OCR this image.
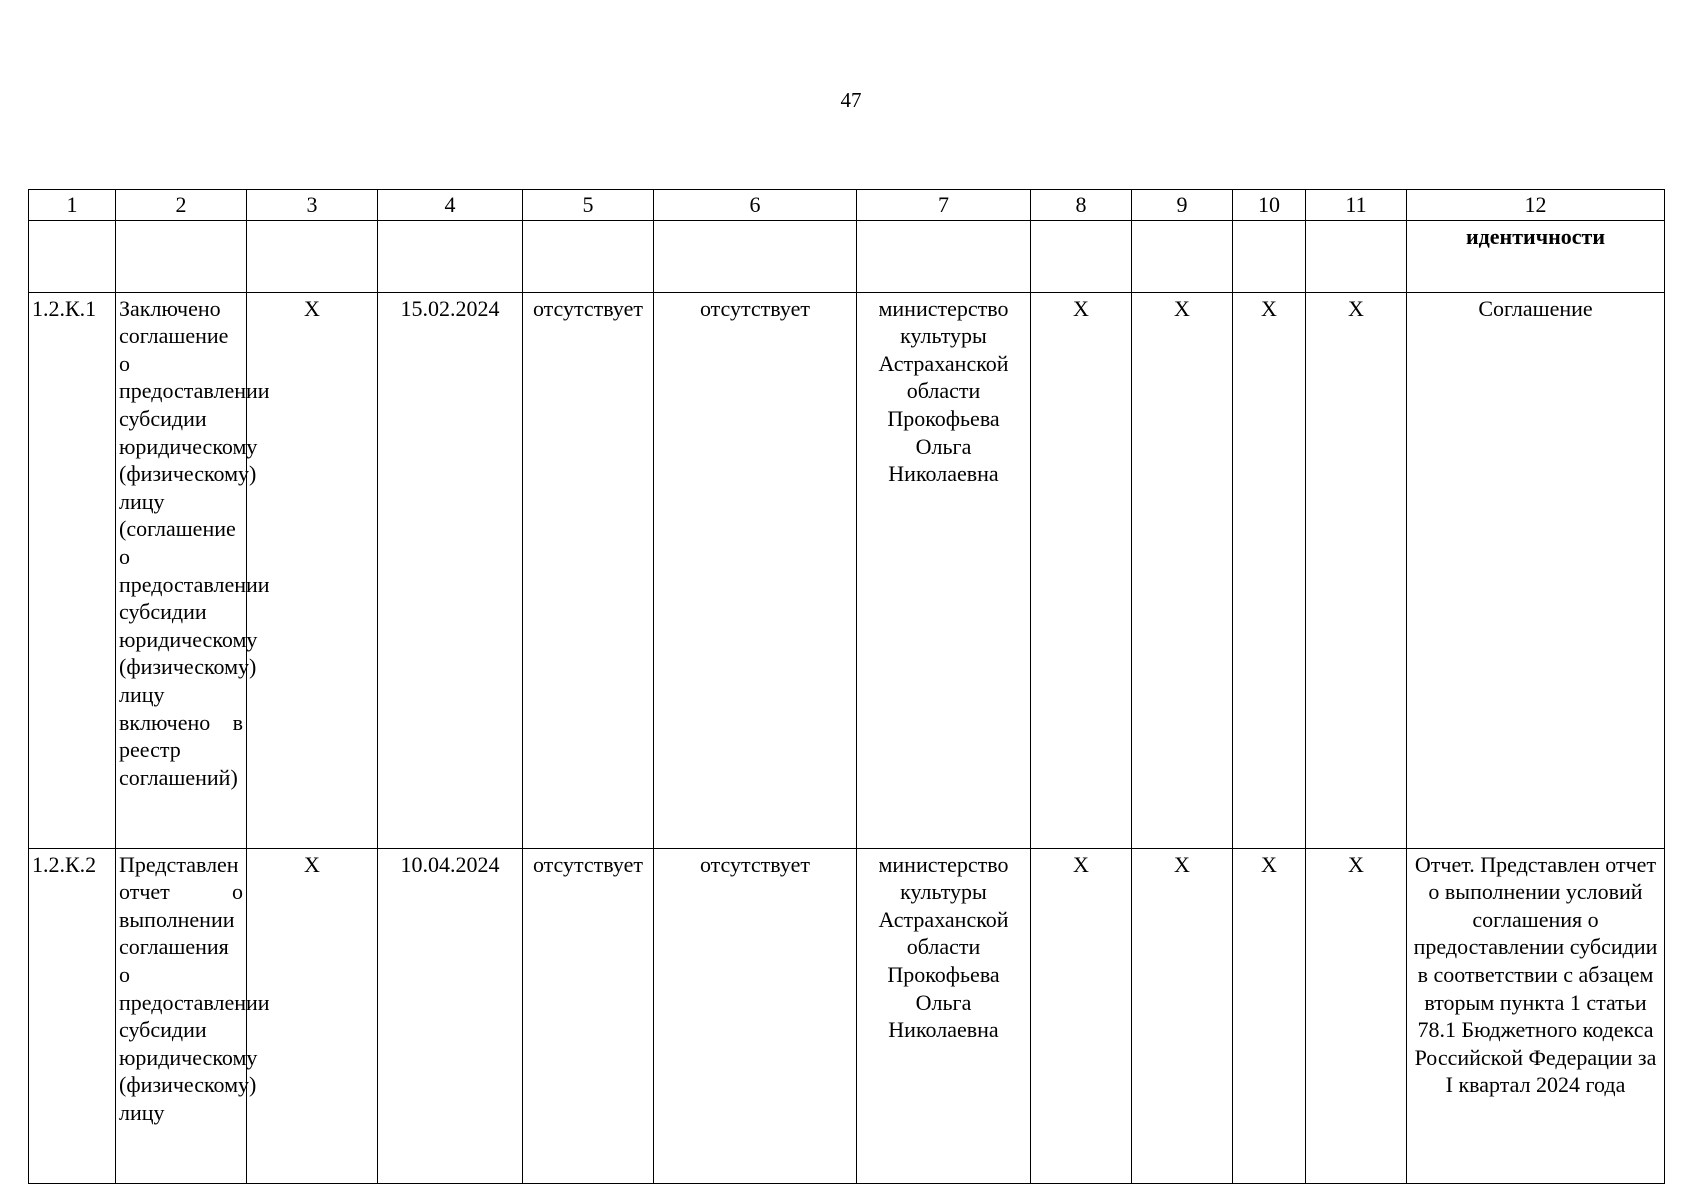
47
1	2	3	4	5	6	7	8	9	10	11	12
											идентичности
1.2.К.1	Заключено соглашение о предоставлении субсидии юридическому (физическому) лицу (соглашение о предоставлении субсидии юридическому (физическому) лицу включено в реестр соглашений)	X	15.02.2024	отсутствует	отсутствует	министерство культуры Астраханской области Прокофьева Ольга Николаевна	X	X	X	X	Соглашение
1.2.К.2	Представлен отчет о выполнении соглашения о предоставлении субсидии юридическому (физическому) лицу	X	10.04.2024	отсутствует	отсутствует	министерство культуры Астраханской области Прокофьева Ольга Николаевна	X	X	X	X	Отчет. Представлен отчет о выполнении условий соглашения о предоставлении субсидии в соответствии с абзацем вторым пункта 1 статьи 78.1 Бюджетного кодекса Российской Федерации за I квартал 2024 года
